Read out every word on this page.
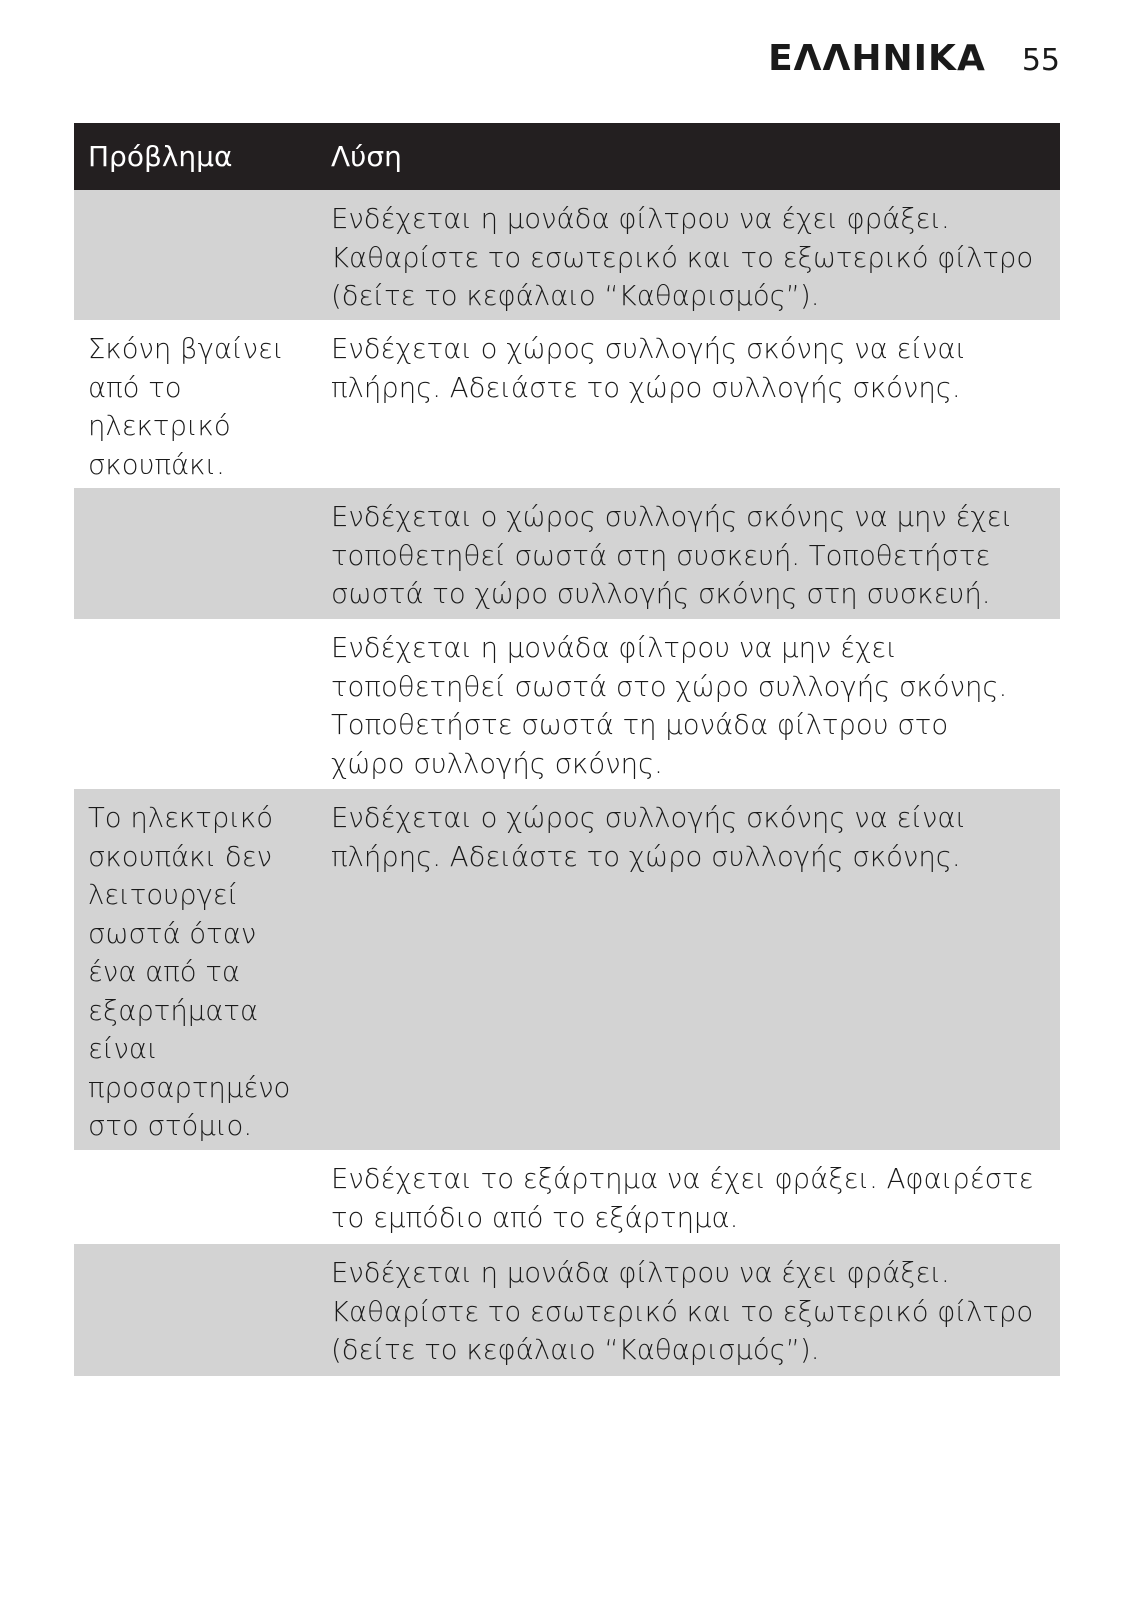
ΕΛΛΗΝΙΚΑ 55
Πρόβλημα	Λύση
Ενδέχεται η μονάδα φίλτρου να έχει φράξει.
Καθαρίστε το εσωτερικό και το εξωτερικό φίλτρο
(δείτε το κεφάλαιο “Καθαρισμός”).
Σκόνη βγαίνει
από το
ηλεκτρικό
σκουπάκι.
Ενδέχεται ο χώρος συλλογής σκόνης να είναι
πλήρης. Αδειάστε το χώρο συλλογής σκόνης.
Ενδέχεται ο χώρος συλλογής σκόνης να μην έχει
τοποθετηθεί σωστά στη συσκευή. Τοποθετήστε
σωστά το χώρο συλλογής σκόνης στη συσκευή.
Ενδέχεται η μονάδα φίλτρου να μην έχει
τοποθετηθεί σωστά στο χώρο συλλογής σκόνης.
Τοποθετήστε σωστά τη μονάδα φίλτρου στο
χώρο συλλογής σκόνης.
Το ηλεκτρικό
σκουπάκι δεν
λειτουργεί
σωστά όταν
ένα από τα
εξαρτήματα
είναι
προσαρτημένο
στο στόμιο.
Ενδέχεται ο χώρος συλλογής σκόνης να είναι
πλήρης. Αδειάστε το χώρο συλλογής σκόνης.
Ενδέχεται το εξάρτημα να έχει φράξει. Αφαιρέστε
το εμπόδιο από το εξάρτημα.
Ενδέχεται η μονάδα φίλτρου να έχει φράξει.
Καθαρίστε το εσωτερικό και το εξωτερικό φίλτρο
(δείτε το κεφάλαιο “Καθαρισμός”).
